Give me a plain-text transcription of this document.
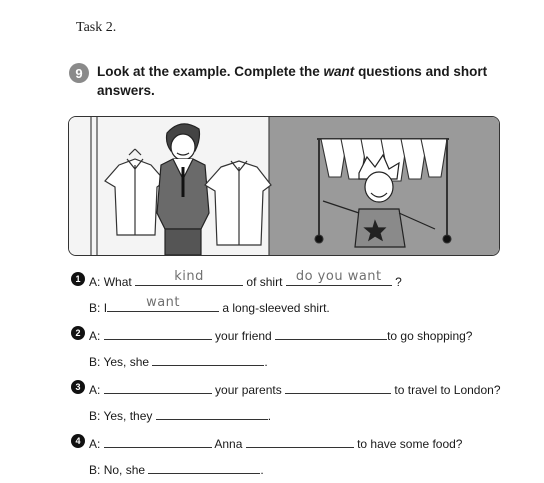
Task 2.
9	Look at the example. Complete the want questions and short answers.
1 A: What	kind	of shirt	do you want	?
B: I	want	a long-sleeved shirt.
2 A:	your friend	to go shopping?
B: Yes, she	.
3 A:	your parents	to travel to London?
B: Yes, they	.
4 A:	Anna	to have some food?
B: No, she	.
